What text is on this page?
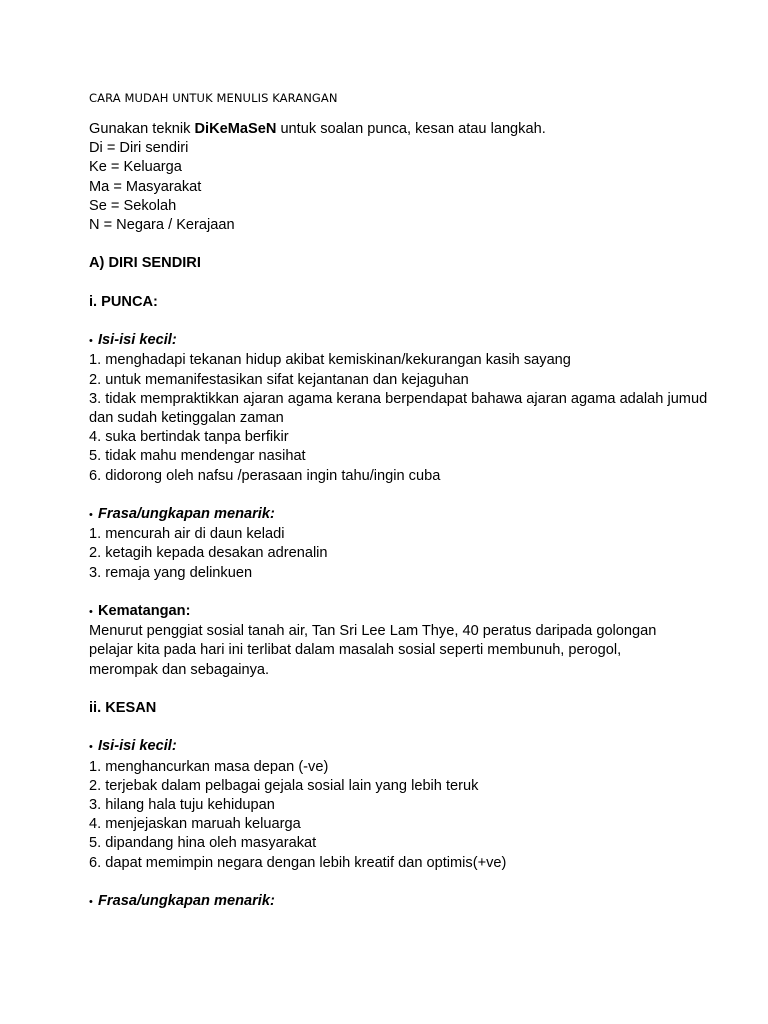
CARA MUDAH UNTUK MENULIS KARANGAN

Gunakan teknik DiKeMaSeN untuk soalan punca, kesan atau langkah.

Di = Diri sendiri

Ke = Keluarga

Ma = Masyarakat

Se = Sekolah

N = Negara / Kerajaan

A) DIRI SENDIRI

i. PUNCA:

• Isi-isi kecil:

1. menghadapi tekanan hidup akibat kemiskinan/kekurangan kasih sayang

2. untuk memanifestasikan sifat kejantanan dan kejaguhan

3. tidak mempraktikkan ajaran agama kerana berpendapat bahawa ajaran agama adalah jumud dan sudah ketinggalan zaman

4. suka bertindak tanpa berfikir

5. tidak mahu mendengar nasihat

6. didorong oleh nafsu /perasaan ingin tahu/ingin cuba

• Frasa/ungkapan menarik:

1. mencurah air di daun keladi

2. ketagih kepada desakan adrenalin

3. remaja yang delinkuen

• Kematangan:

Menurut penggiat sosial tanah air, Tan Sri Lee Lam Thye, 40 peratus daripada golongan pelajar kita pada hari ini terlibat dalam masalah sosial seperti membunuh, perogol, merompak dan sebagainya.

ii. KESAN

• Isi-isi kecil:

1. menghancurkan masa depan (-ve)

2. terjebak dalam pelbagai gejala sosial lain yang lebih teruk

3. hilang hala tuju kehidupan

4. menjejaskan maruah keluarga

5. dipandang hina oleh masyarakat

6. dapat memimpin negara dengan lebih kreatif dan optimis(+ve)

• Frasa/ungkapan menarik:
